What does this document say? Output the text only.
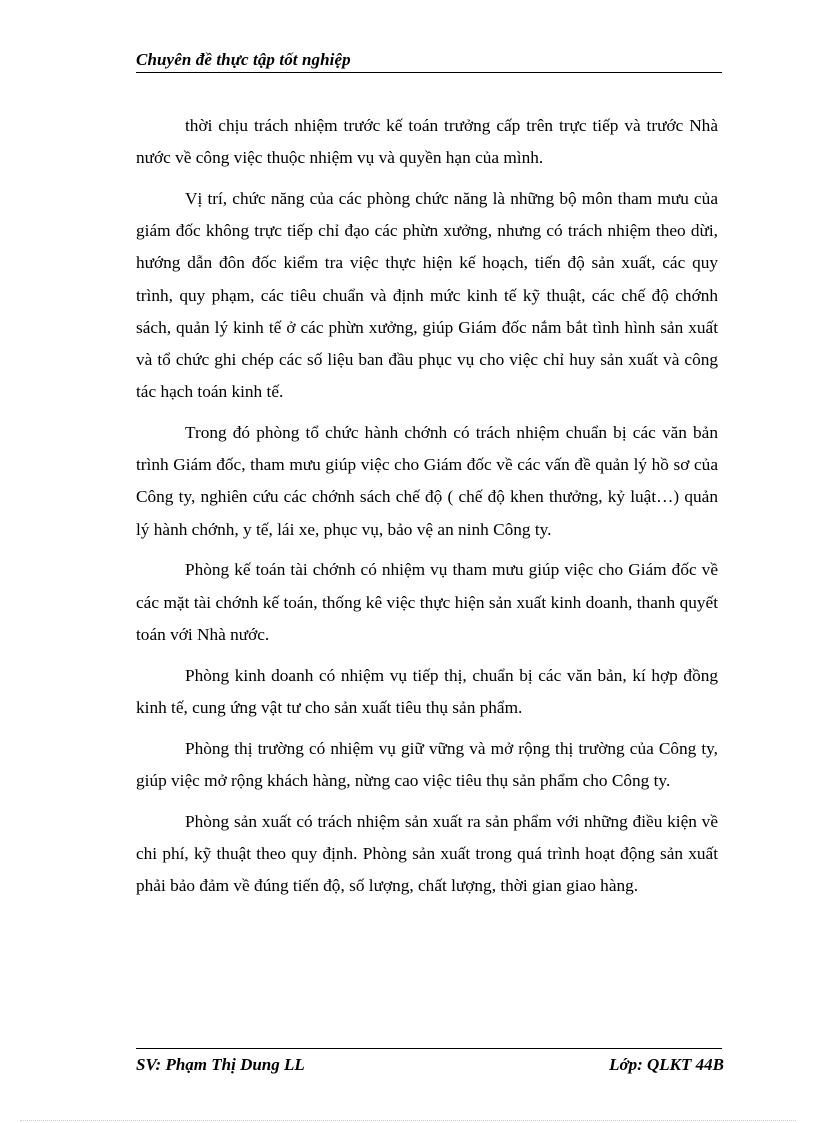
Chuyên đề thực tập tốt nghiệp

thời chịu trách nhiệm trước kế toán trưởng cấp trên trực tiếp và trước Nhà nước về công việc thuộc nhiệm vụ và quyền hạn của mình.

Vị trí, chức năng của các phòng chức năng là những bộ môn tham mưu của giám đốc không trực tiếp chỉ đạo các phừn xưởng, nhưng có trách nhiệm theo dừi, hướng dẫn đôn đốc kiểm tra việc thực hiện kế hoạch, tiến độ sản xuất, các quy trình, quy phạm, các tiêu chuẩn và định mức kinh tế kỹ thuật, các chế độ chớnh sách, quản lý kinh tế ở các phừn xưởng, giúp Giám đốc nắm bắt tình hình sản xuất và tổ chức ghi chép các số liệu ban đầu phục vụ cho việc chỉ huy sản xuất và công tác hạch toán kinh tế.

Trong đó phòng tổ chức hành chớnh có trách nhiệm chuẩn bị các văn bản trình Giám đốc, tham mưu giúp việc cho Giám đốc về các vấn đề quản lý hồ sơ của Công ty, nghiên cứu các chớnh sách chế độ ( chế độ khen thưởng, kỷ luật…) quản lý hành chớnh, y tế, lái xe, phục vụ, bảo vệ an ninh Công ty.

Phòng kế toán tài chớnh có nhiệm vụ tham mưu giúp việc cho Giám đốc về các mặt tài chớnh kế toán, thống kê việc thực hiện sản xuất kinh doanh, thanh quyết toán với Nhà nước.

Phòng kinh doanh có nhiệm vụ tiếp thị, chuẩn bị các văn bản, kí hợp đồng kinh tế, cung ứng vật tư cho sản xuất tiêu thụ sản phẩm.

Phòng thị trường có nhiệm vụ giữ vững và mở rộng thị trường của Công ty, giúp việc mở rộng khách hàng, nừng cao việc tiêu thụ sản phẩm cho Công ty.

Phòng sản xuất có trách nhiệm sản xuất ra sản phẩm với những điều kiện về chi phí, kỹ thuật theo quy định. Phòng sản xuất trong quá trình hoạt động sản xuất phải bảo đảm về đúng tiến độ, số lượng, chất lượng, thời gian giao hàng.

SV: Phạm Thị Dung LL	Lớp: QLKT 44B
